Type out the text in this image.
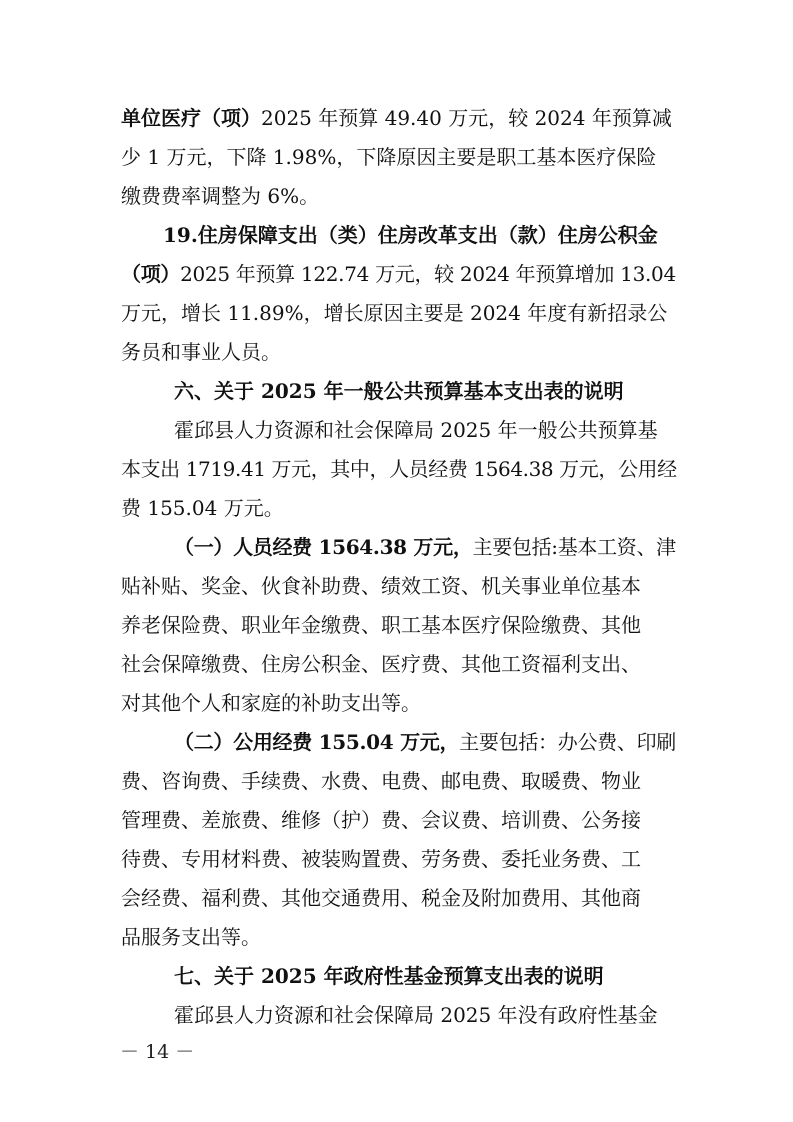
单位医疗（项）2025 年预算 49.40 万元，较 2024 年预算减
少 1 万元，下降 1.98%，下降原因主要是职工基本医疗保险
缴费费率调整为 6%。
19.住房保障支出（类）住房改革支出（款）住房公积金
（项）2025 年预算 122.74 万元，较 2024 年预算增加 13.04
万元，增长 11.89%，增长原因主要是 2024 年度有新招录公
务员和事业人员。
六、关于 2025 年一般公共预算基本支出表的说明
霍邱县人力资源和社会保障局 2025 年一般公共预算基
本支出 1719.41 万元，其中，人员经费 1564.38 万元，公用经
费 155.04 万元。
（一）人员经费 1564.38 万元，主要包括:基本工资、津
贴补贴、奖金、伙食补助费、绩效工资、机关事业单位基本
养老保险费、职业年金缴费、职工基本医疗保险缴费、其他
社会保障缴费、住房公积金、医疗费、其他工资福利支出、
对其他个人和家庭的补助支出等。
（二）公用经费 155.04 万元，主要包括：办公费、印刷
费、咨询费、手续费、水费、电费、邮电费、取暖费、物业
管理费、差旅费、维修（护）费、会议费、培训费、公务接
待费、专用材料费、被装购置费、劳务费、委托业务费、工
会经费、福利费、其他交通费用、税金及附加费用、其他商
品服务支出等。
七、关于 2025 年政府性基金预算支出表的说明
霍邱县人力资源和社会保障局 2025 年没有政府性基金
－ 14 －
